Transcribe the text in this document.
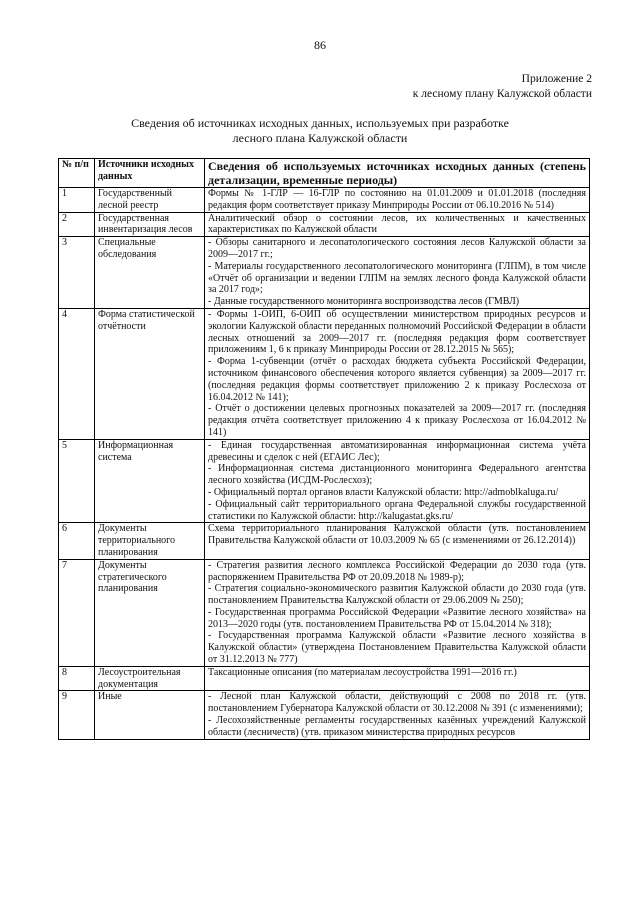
86
Приложение 2
к лесному плану Калужской области
Сведения об источниках исходных данных, используемых при разработке
лесного плана Калужской области
№ п/п	Источники исходных данных	Сведения об используемых источниках исходных данных (степень детализации, временные периоды)
1	Государственный лесной реестр	Формы № 1-ГЛР — 16-ГЛР по состоянию на 01.01.2009 и 01.01.2018 (последняя редакция форм соответствует приказу Минприроды России от 06.10.2016 № 514)

2	Государственная инвентаризация лесов	Аналитический обзор о состоянии лесов, их количественных и качественных характеристиках по Калужской области

3	Специальные обследования	- Обзоры санитарного и лесопатологического состояния лесов Калужской области за 2009—2017 гг.;
- Материалы государственного лесопатологического мониторинга (ГЛПМ), в том числе «Отчёт об организации и ведении ГЛПМ на землях лесного фонда Калужской области за 2017 год»;
- Данные государственного мониторинга воспроизводства лесов (ГМВЛ)

4	Форма статистической отчётности	- Формы 1-ОИП, 6-ОИП об осуществлении министерством природных ресурсов и экологии Калужской области переданных полномочий Российской Федерации в области лесных отношений за 2009—2017 гг. (последняя редакция форм соответствует приложениям 1, 6 к приказу Минприроды России от 28.12.2015 № 565);
- Форма 1-субвенции (отчёт о расходах бюджета субъекта Российской Федерации, источником финансового обеспечения которого является субвенция) за 2009—2017 гг. (последняя редакция формы соответствует приложению 2 к приказу Рослесхоза от 16.04.2012 № 141);
- Отчёт о достижении целевых прогнозных показателей за 2009—2017 гг. (последняя редакция отчёта соответствует приложению 4 к приказу Рослесхоза от 16.04.2012 № 141)

5	Информационная система	- Единая государственная автоматизированная информационная система учёта древесины и сделок с ней (ЕГАИС Лес);
- Информационная система дистанционного мониторинга Федерального агентства лесного хозяйства (ИСДМ-Рослесхоз);
- Официальный портал органов власти Калужской области: http://admoblkaluga.ru/
- Официальный сайт территориального органа Федеральной службы государственной статистики по Калужской области: http://kalugastat.gks.ru/

6	Документы территориального планирования	Схема территориального планирования Калужской области (утв. постановлением Правительства Калужской области от 10.03.2009 № 65 (с изменениями от 26.12.2014))

7	Документы стратегического планирования	- Стратегия развития лесного комплекса Российской Федерации до 2030 года (утв. распоряжением Правительства РФ от 20.09.2018 № 1989-р);
- Стратегия социально-экономического развития Калужской области до 2030 года (утв. постановлением Правительства Калужской области от 29.06.2009 № 250);
- Государственная программа Российской Федерации «Развитие лесного хозяйства» на 2013—2020 годы (утв. постановлением Правительства РФ от 15.04.2014 № 318);
- Государственная программа Калужской области «Развитие лесного хозяйства в Калужской области» (утверждена Постановлением Правительства Калужской области от 31.12.2013 № 777)

8	Лесоустроительная документация	Таксационные описания (по материалам лесоустройства 1991—2016 гг.)

9	Иные	- Лесной план Калужской области, действующий с 2008 по 2018 гг. (утв. постановлением Губернатора Калужской области от 30.12.2008 № 391 (с изменениями);
- Лесохозяйственные регламенты государственных казённых учреждений Калужской области (лесничеств) (утв. приказом министерства природных ресурсов
